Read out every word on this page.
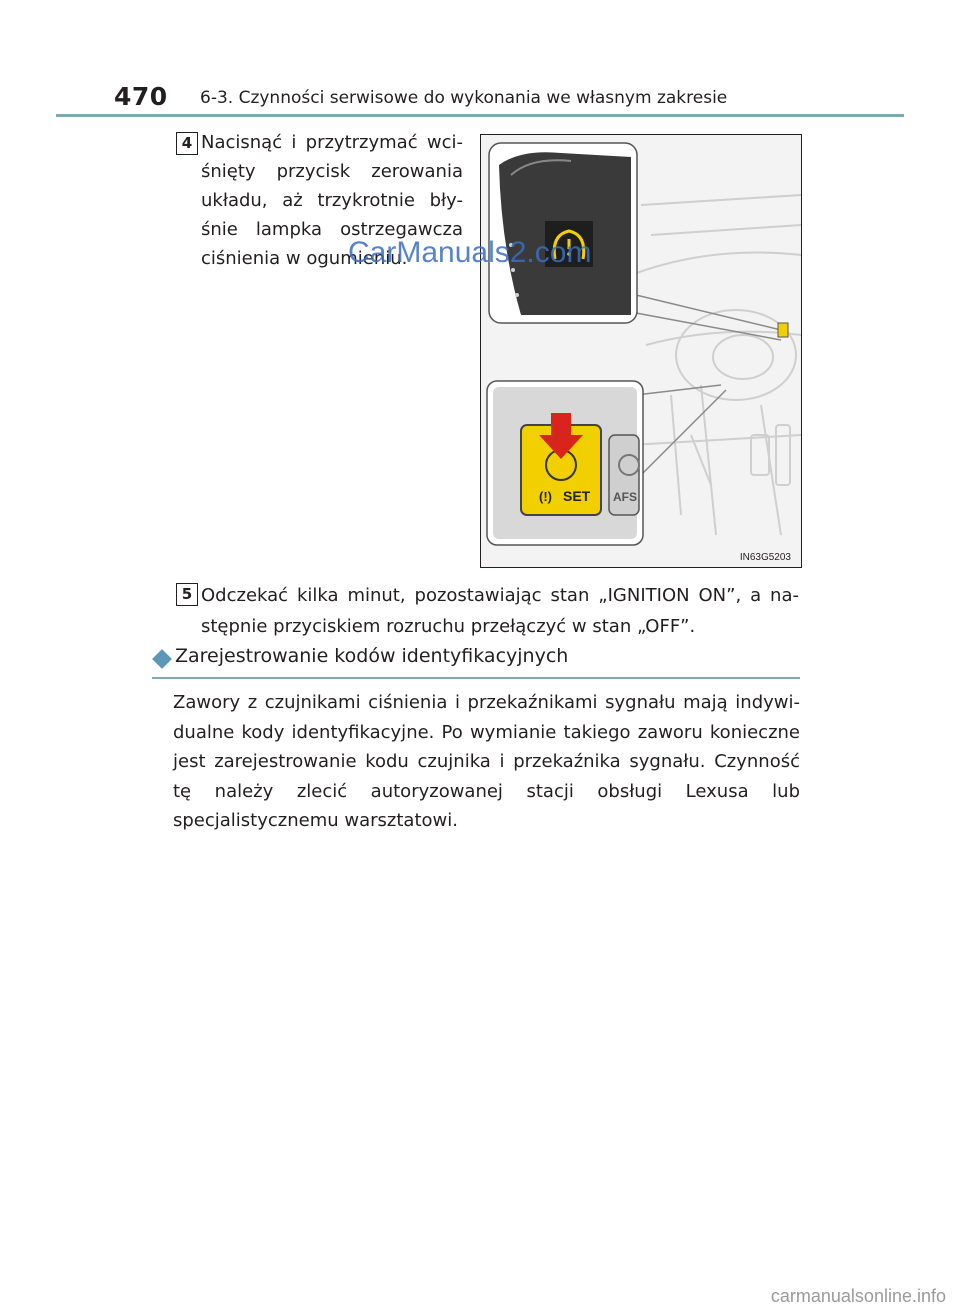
470 6-3. Czynności serwisowe do wykonania we własnym zakresie
4 Nacisnąć i przytrzymać wci-śnięty przycisk zerowania układu, aż trzykrotnie bły-śnie lampka ostrzegawcza ciśnienia w ogumieniu.
(!) SET AFS
IN63G5203
CarManuals2.com
5 Odczekać kilka minut, pozostawiając stan „IGNITION ON”, a na-stępnie przyciskiem rozruchu przełączyć w stan „OFF”.
Zarejestrowanie kodów identyfikacyjnych
Zawory z czujnikami ciśnienia i przekaźnikami sygnału mają indywi-dualne kody identyfikacyjne. Po wymianie takiego zaworu konieczne jest zarejestrowanie kodu czujnika i przekaźnika sygnału. Czynność tę należy zlecić autoryzowanej stacji obsługi Lexusa lub specjalistycznemu warsztatowi.
carmanualsonline.info
